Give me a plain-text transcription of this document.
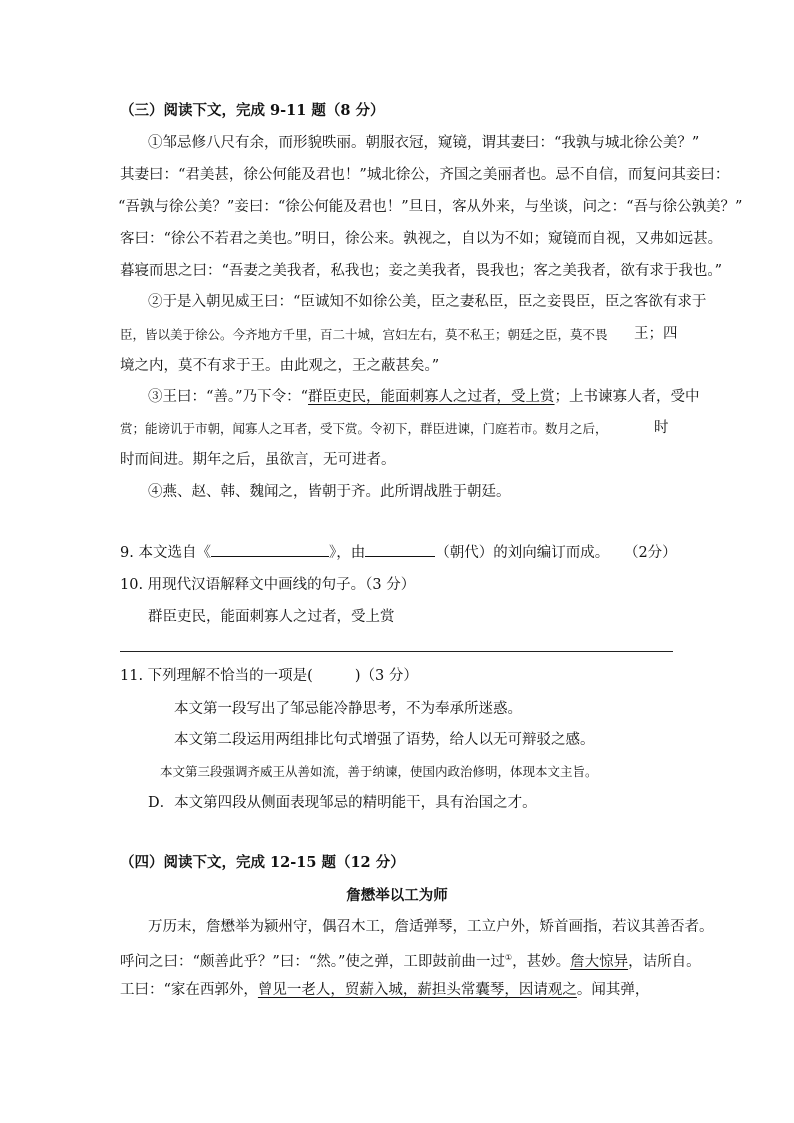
（三）阅读下文，完成 9-11 题（8 分）
①邹忌修八尺有余，而形貌昳丽。朝服衣冠，窥镜，谓其妻曰：“我孰与城北徐公美？”
其妻曰：“君美甚，徐公何能及君也！”城北徐公，齐国之美丽者也。忌不自信，而复问其妾曰：
“吾孰与徐公美？”妾曰：“徐公何能及君也！”旦日，客从外来，与坐谈，问之：“吾与徐公孰美？”
客曰：“徐公不若君之美也。”明日，徐公来。孰视之，自以为不如；窥镜而自视，又弗如远甚。
暮寝而思之曰：“吾妻之美我者，私我也；妾之美我者，畏我也；客之美我者，欲有求于我也。”
②于是入朝见威王曰：“臣诚知不如徐公美，臣之妻私臣，臣之妾畏臣，臣之客欲有求于
臣，皆以美于徐公。今齐地方千里，百二十城，宫妇左右，莫不私王；朝廷之臣，莫不畏 王；四
境之内，莫不有求于王。由此观之，王之蔽甚矣。”
③王曰：“善。”乃下令：“群臣吏民，能面刺寡人之过者，受上赏；上书谏寡人者，受中
赏；能谤讥于市朝，闻寡人之耳者，受下赏。令初下，群臣进谏，门庭若市。数月之后，	时
时而间进。期年之后，虽欲言，无可进者。
④燕、赵、韩、魏闻之，皆朝于齐。此所谓战胜于朝廷。
9. 本文选自《	》，由	（朝代）的刘向编订而成。 （2分）
10. 用现代汉语解释文中画线的句子。（3 分）
群臣吏民，能面刺寡人之过者，受上赏
11. 下列理解不恰当的一项是(	)（3 分）
本文第一段写出了邹忌能冷静思考，不为奉承所迷惑。
本文第二段运用两组排比句式增强了语势，给人以无可辩驳之感。
本文第三段强调齐威王从善如流，善于纳谏，使国内政治修明，体现本文主旨。
D．本文第四段从侧面表现邹忌的精明能干，具有治国之才。
（四）阅读下文，完成 12-15 题（12 分）
詹懋举以工为师
万历末，詹懋举为颍州守，偶召木工，詹适弹琴，工立户外，矫首画指，若议其善否者。
呼问之曰：“颇善此乎？”曰：“然。”使之弹，工即鼓前曲一过①，甚妙。詹大惊异，诘所自。
工曰：“家在西郭外，曾见一老人，贸薪入城，薪担头常囊琴，因请观之。闻其弹，
